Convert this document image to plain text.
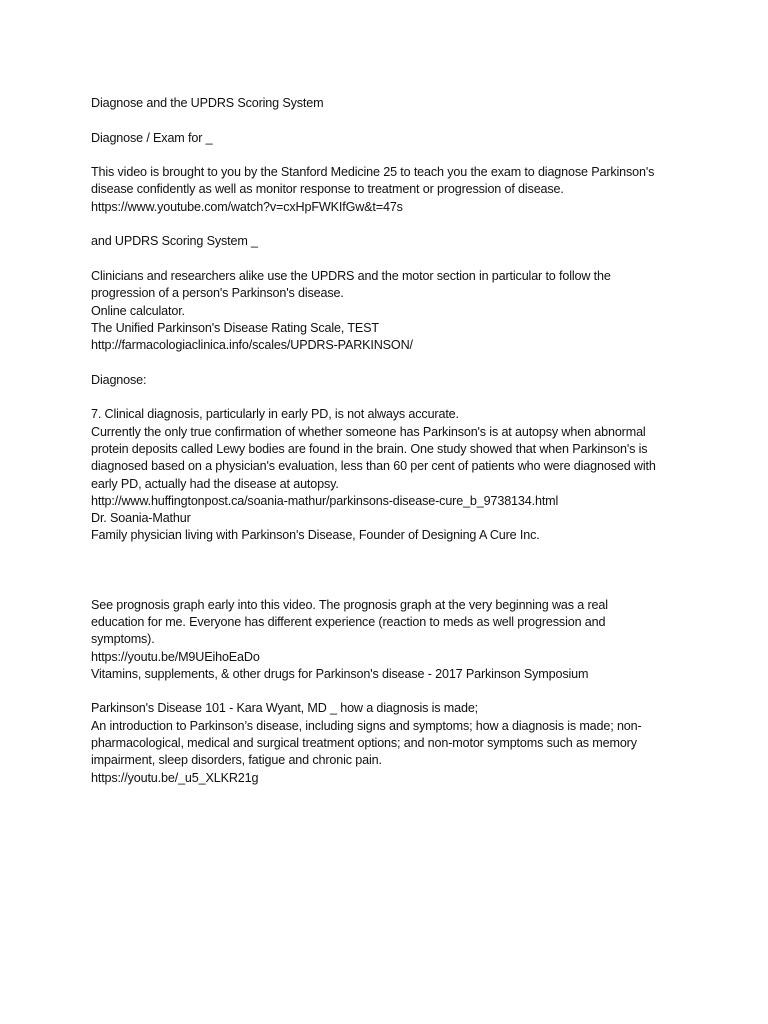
Diagnose and the UPDRS Scoring System
Diagnose / Exam for _
This video is brought to you by the Stanford Medicine 25 to teach you the exam to diagnose Parkinson's
disease confidently as well as monitor response to treatment or progression of disease.
https://www.youtube.com/watch?v=cxHpFWKIfGw&t=47s
and UPDRS Scoring System _
Clinicians and researchers alike use the UPDRS and the motor section in particular to follow the
progression of a person's Parkinson's disease.
Online calculator.
The Unified Parkinson's Disease Rating Scale, TEST
http://farmacologiaclinica.info/scales/UPDRS-PARKINSON/
Diagnose:
7. Clinical diagnosis, particularly in early PD, is not always accurate.
Currently the only true confirmation of whether someone has Parkinson's is at autopsy when abnormal
protein deposits called Lewy bodies are found in the brain. One study showed that when Parkinson's is
diagnosed based on a physician's evaluation, less than 60 per cent of patients who were diagnosed with
early PD, actually had the disease at autopsy.
http://www.huffingtonpost.ca/soania-mathur/parkinsons-disease-cure_b_9738134.html
Dr. Soania-Mathur
Family physician living with Parkinson's Disease, Founder of Designing A Cure Inc.
See prognosis graph early into this video. The prognosis graph at the very beginning was a real
education for me. Everyone has different experience (reaction to meds as well progression and
symptoms).
https://youtu.be/M9UEihoEaDo
Vitamins, supplements, & other drugs for Parkinson's disease - 2017 Parkinson Symposium
Parkinson's Disease 101 - Kara Wyant, MD _ how a diagnosis is made;
An introduction to Parkinson’s disease, including signs and symptoms; how a diagnosis is made; non-
pharmacological, medical and surgical treatment options; and non-motor symptoms such as memory
impairment, sleep disorders, fatigue and chronic pain.
https://youtu.be/_u5_XLKR21g
